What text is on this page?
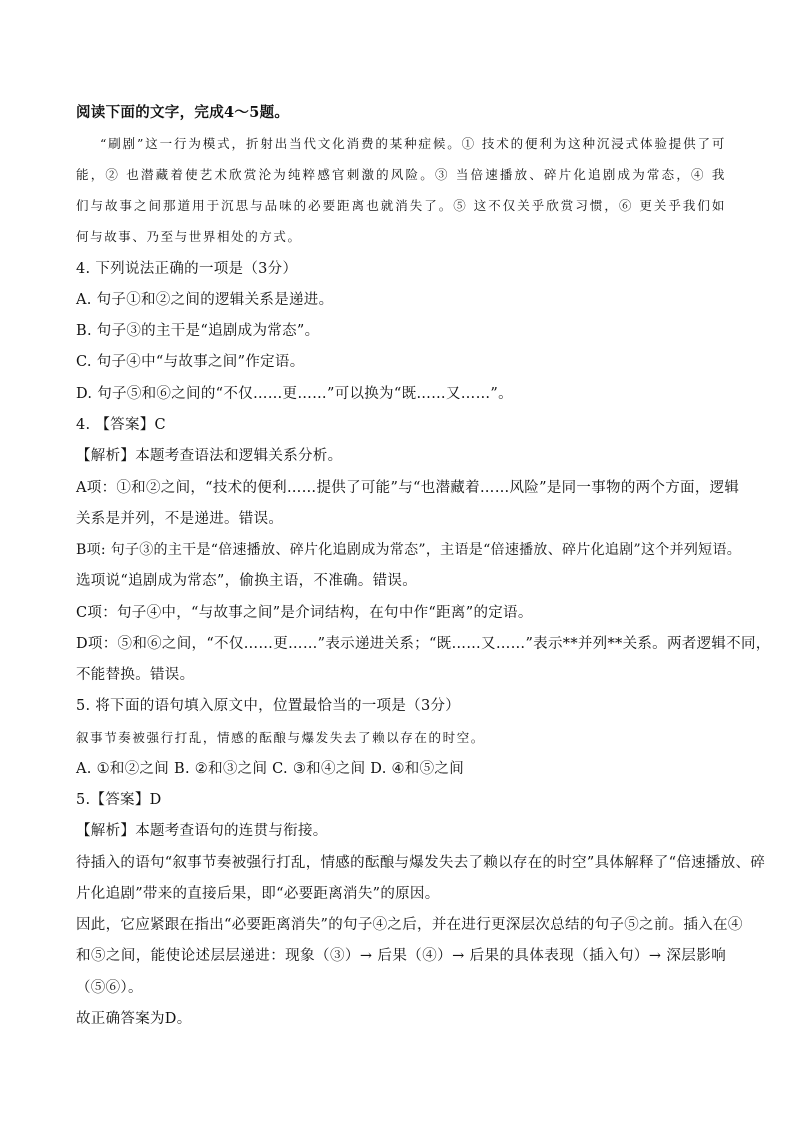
阅读下面的文字，完成4～5题。
“刷剧”这一行为模式，折射出当代文化消费的某种症候。① 技术的便利为这种沉浸式体验提供了可
能，② 也潜藏着使艺术欣赏沦为纯粹感官刺激的风险。③ 当倍速播放、碎片化追剧成为常态，④ 我
们与故事之间那道用于沉思与品味的必要距离也就消失了。⑤ 这不仅关乎欣赏习惯，⑥ 更关乎我们如
何与故事、乃至与世界相处的方式。
4. 下列说法正确的一项是（3分）
A. 句子①和②之间的逻辑关系是递进。
B. 句子③的主干是“追剧成为常态”。
C. 句子④中“与故事之间”作定语。
D. 句子⑤和⑥之间的“不仅……更……”可以换为“既……又……”。
4. 【答案】C
【解析】本题考查语法和逻辑关系分析。
A项：①和②之间，“技术的便利……提供了可能”与“也潜藏着……风险”是同一事物的两个方面，逻辑
关系是并列，不是递进。错误。
B项: 句子③的主干是“倍速播放、碎片化追剧成为常态”，主语是“倍速播放、碎片化追剧”这个并列短语。
选项说“追剧成为常态”，偷换主语，不准确。错误。
C项：句子④中，“与故事之间”是介词结构，在句中作“距离”的定语。
D项：⑤和⑥之间，“不仅……更……”表示递进关系；“既……又……”表示**并列**关系。两者逻辑不同，
不能替换。错误。
5. 将下面的语句填入原文中，位置最恰当的一项是（3分）
叙事节奏被强行打乱，情感的酝酿与爆发失去了赖以存在的时空。
A. ①和②之间 B. ②和③之间 C. ③和④之间 D. ④和⑤之间
5.【答案】D
【解析】本题考查语句的连贯与衔接。
待插入的语句“叙事节奏被强行打乱，情感的酝酿与爆发失去了赖以存在的时空”具体解释了“倍速播放、碎
片化追剧”带来的直接后果，即“必要距离消失”的原因。
因此，它应紧跟在指出“必要距离消失”的句子④之后，并在进行更深层次总结的句子⑤之前。插入在④
和⑤之间，能使论述层层递进：现象（③）→ 后果（④）→ 后果的具体表现（插入句）→ 深层影响
（⑤⑥）。
故正确答案为D。
